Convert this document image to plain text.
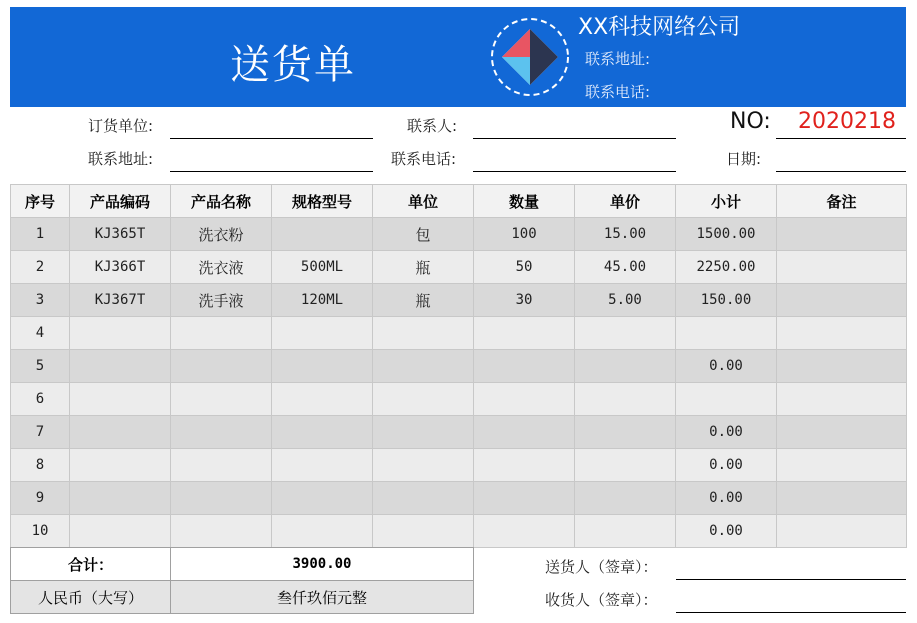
送货单
XX科技网络公司
联系地址:
联系电话:
订货单位:	联系人:	NO: 2020218
联系地址:	联系电话:	日期:
序号	产品编码	产品名称	规格型号	单位	数量	单价	小计	备注
1	KJ365T	洗衣粉		包	100	15.00	1500.00	
2	KJ366T	洗衣液	500ML	瓶	50	45.00	2250.00	
3	KJ367T	洗手液	120ML	瓶	30	5.00	150.00	
4								
5							0.00	
6								
7							0.00	
8							0.00	
9							0.00	
10							0.00	
合计：	3900.00
人民币（大写）	叁仟玖佰元整
送货人（签章）：
收货人（签章）：
